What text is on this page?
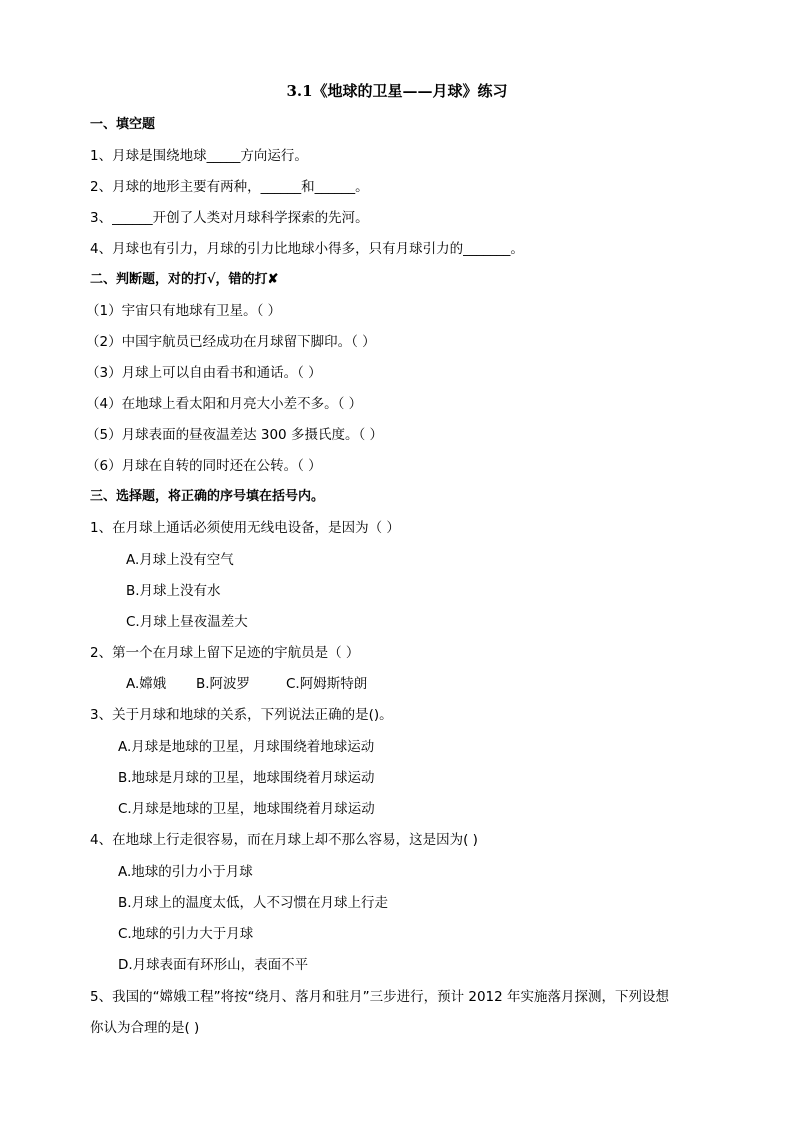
3.1《地球的卫星——月球》练习
一、填空题
1、月球是围绕地球_____方向运行。
2、月球的地形主要有两种，______和______。
3、______开创了人类对月球科学探索的先河。
4、月球也有引力，月球的引力比地球小得多，只有月球引力的_______。
二、判断题，对的打√，错的打✘
（1）宇宙只有地球有卫星。（ ）
（2）中国宇航员已经成功在月球留下脚印。（ ）
（3）月球上可以自由看书和通话。（ ）
（4）在地球上看太阳和月亮大小差不多。（ ）
（5）月球表面的昼夜温差达 300 多摄氏度。（ ）
（6）月球在自转的同时还在公转。（ ）
三、选择题，将正确的序号填在括号内。
1、在月球上通话必须使用无线电设备，是因为（ ）
A.月球上没有空气
B.月球上没有水
C.月球上昼夜温差大
2、第一个在月球上留下足迹的宇航员是（ ）
A.嫦娥 B.阿波罗	C.阿姆斯特朗
3、关于月球和地球的关系，下列说法正确的是()。
A.月球是地球的卫星，月球围绕着地球运动
B.地球是月球的卫星，地球围绕着月球运动
C.月球是地球的卫星，地球围绕着月球运动
4、在地球上行走很容易，而在月球上却不那么容易，这是因为( )
A.地球的引力小于月球
B.月球上的温度太低，人不习惯在月球上行走
C.地球的引力大于月球
D.月球表面有环形山，表面不平
5、我国的“嫦娥工程”将按“绕月、落月和驻月”三步进行，预计 2012 年实施落月探测，下列设想
你认为合理的是( )
